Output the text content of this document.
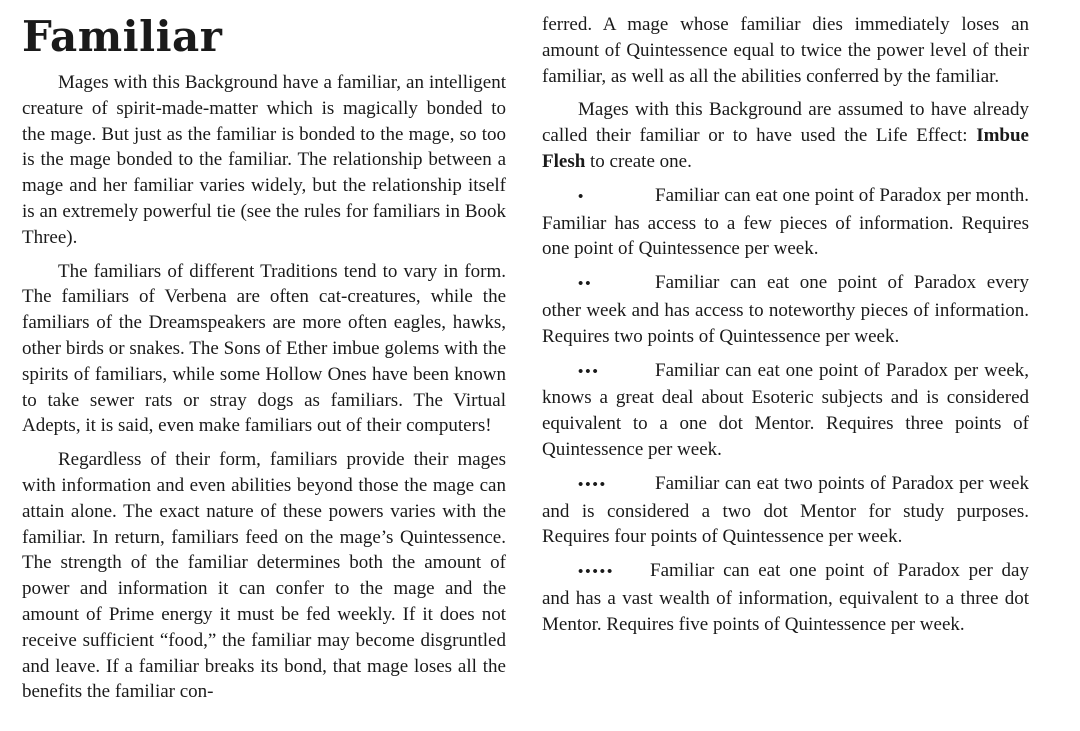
Familiar

Mages with this Background have a familiar, an intelligent creature of spirit-made-matter which is magically bonded to the mage. But just as the familiar is bonded to the mage, so too is the mage bonded to the familiar. The relationship between a mage and her familiar varies widely, but the relationship itself is an extremely powerful tie (see the rules for familiars in Book Three).

The familiars of different Traditions tend to vary in form. The familiars of Verbena are often cat-creatures, while the familiars of the Dreamspeakers are more often eagles, hawks, other birds or snakes. The Sons of Ether imbue golems with the spirits of familiars, while some Hollow Ones have been known to take sewer rats or stray dogs as familiars. The Virtual Adepts, it is said, even make familiars out of their computers!

Regardless of their form, familiars provide their mages with information and even abilities beyond those the mage can attain alone. The exact nature of these powers varies with the familiar. In return, familiars feed on the mage’s Quintessence. The strength of the familiar determines both the amount of power and information it can confer to the mage and the amount of Prime energy it must be fed weekly. If it does not receive sufficient “food,” the familiar may become disgruntled and leave. If a familiar breaks its bond, that mage loses all the benefits the familiar con-

ferred. A mage whose familiar dies immediately loses an amount of Quintessence equal to twice the power level of their familiar, as well as all the abilities conferred by the familiar.

Mages with this Background are assumed to have already called their familiar or to have used the Life Effect: Imbue Flesh to create one.

•	Familiar can eat one point of Paradox per month. Familiar has access to a few pieces of information. Requires one point of Quintessence per week.

••	Familiar can eat one point of Paradox every other week and has access to noteworthy pieces of information. Requires two points of Quintessence per week.

•••	Familiar can eat one point of Paradox per week, knows a great deal about Esoteric subjects and is considered equivalent to a one dot Mentor. Requires three points of Quintessence per week.

••••	Familiar can eat two points of Paradox per week and is considered a two dot Mentor for study purposes. Requires four points of Quintessence per week.

••••• Familiar can eat one point of Paradox per day and has a vast wealth of information, equivalent to a three dot Mentor. Requires five points of Quintessence per week.
